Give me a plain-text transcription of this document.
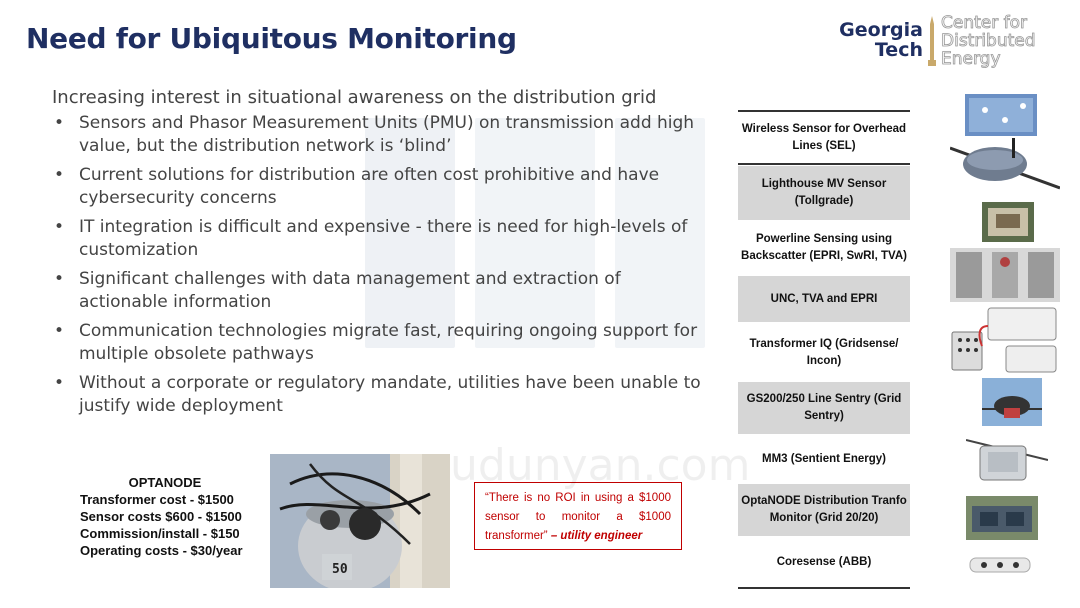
Need for Ubiquitous Monitoring	Georgia
Tech
Center for
Distributed
Energy

Increasing interest in situational awareness on the distribution grid

• Sensors and Phasor Measurement Units (PMU) on transmission add high value, but the distribution network is ‘blind’
• Current solutions for distribution are often cost prohibitive and have cybersecurity concerns
• IT integration is difficult and expensive - there is need for high-levels of customization
• Significant challenges with data management and extraction of actionable information
• Communication technologies migrate fast, requiring ongoing support for multiple obsolete pathways
• Without a corporate or regulatory mandate, utilities have been unable to justify wide deployment
OPTANODE
Transformer cost - $1500
Sensor costs $600 - $1500
Commission/install - $150
Operating costs - $30/year
50
“There is no ROI in using a $1000 sensor to monitor a $1000 transformer” – utility engineer
Wireless Sensor for Overhead Lines (SEL)
Lighthouse MV Sensor (Tollgrade)
Powerline Sensing using Backscatter (EPRI, SwRI, TVA)
UNC, TVA and EPRI
Transformer IQ (Gridsense/ Incon)
GS200/250 Line Sentry (Grid Sentry)
MM3 (Sentient Energy)
OptaNODE Distribution Tranfo Monitor (Grid 20/20)
Coresense (ABB)
udunyan.com
